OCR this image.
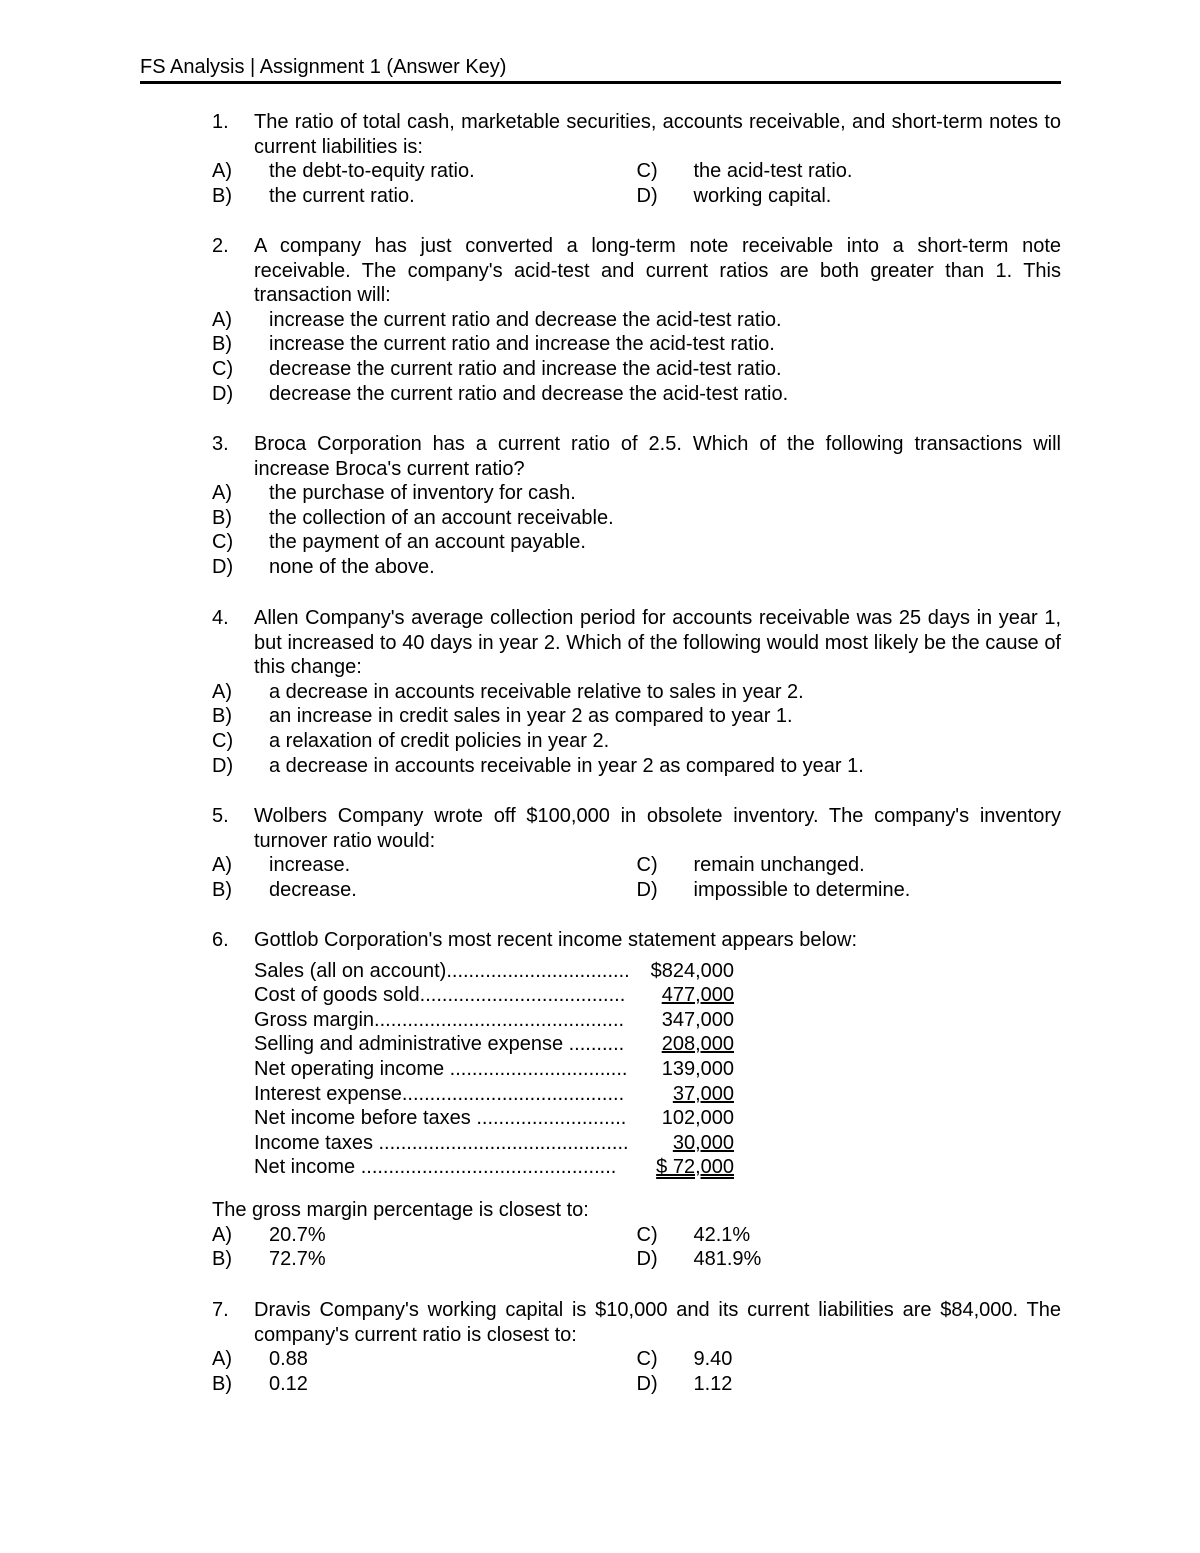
FS Analysis | Assignment 1 (Answer Key)
1.	The ratio of total cash, marketable securities, accounts receivable, and short-term notes to current liabilities is:
A)	the debt-to-equity ratio.	C)	the acid-test ratio.
B)	the current ratio.	D)	working capital.
2.	A company has just converted a long-term note receivable into a short-term note receivable. The company's acid-test and current ratios are both greater than 1. This transaction will:
A)	increase the current ratio and decrease the acid-test ratio.
B)	increase the current ratio and increase the acid-test ratio.
C)	decrease the current ratio and increase the acid-test ratio.
D)	decrease the current ratio and decrease the acid-test ratio.
3.	Broca Corporation has a current ratio of 2.5. Which of the following transactions will increase Broca's current ratio?
A)	the purchase of inventory for cash.
B)	the collection of an account receivable.
C)	the payment of an account payable.
D)	none of the above.
4.	Allen Company's average collection period for accounts receivable was 25 days in year 1, but increased to 40 days in year 2. Which of the following would most likely be the cause of this change:
A)	a decrease in accounts receivable relative to sales in year 2.
B)	an increase in credit sales in year 2 as compared to year 1.
C)	a relaxation of credit policies in year 2.
D)	a decrease in accounts receivable in year 2 as compared to year 1.
5.	Wolbers Company wrote off $100,000 in obsolete inventory. The company's inventory turnover ratio would:
A)	increase.	C)	remain unchanged.
B)	decrease.	D)	impossible to determine.
6.	Gottlob Corporation's most recent income statement appears below:
Sales (all on account).................................	$824,000
Cost of goods sold.....................................	477,000
Gross margin.............................................	347,000
Selling and administrative expense ..........	208,000
Net operating income ................................	139,000
Interest expense........................................	37,000
Net income before taxes ...........................	102,000
Income taxes .............................................	30,000
Net income ..............................................	$ 72,000
The gross margin percentage is closest to:
A)	20.7%	C)	42.1%
B)	72.7%	D)	481.9%
7.	Dravis Company's working capital is $10,000 and its current liabilities are $84,000. The company's current ratio is closest to:
A)	0.88	C)	9.40
B)	0.12	D)	1.12
